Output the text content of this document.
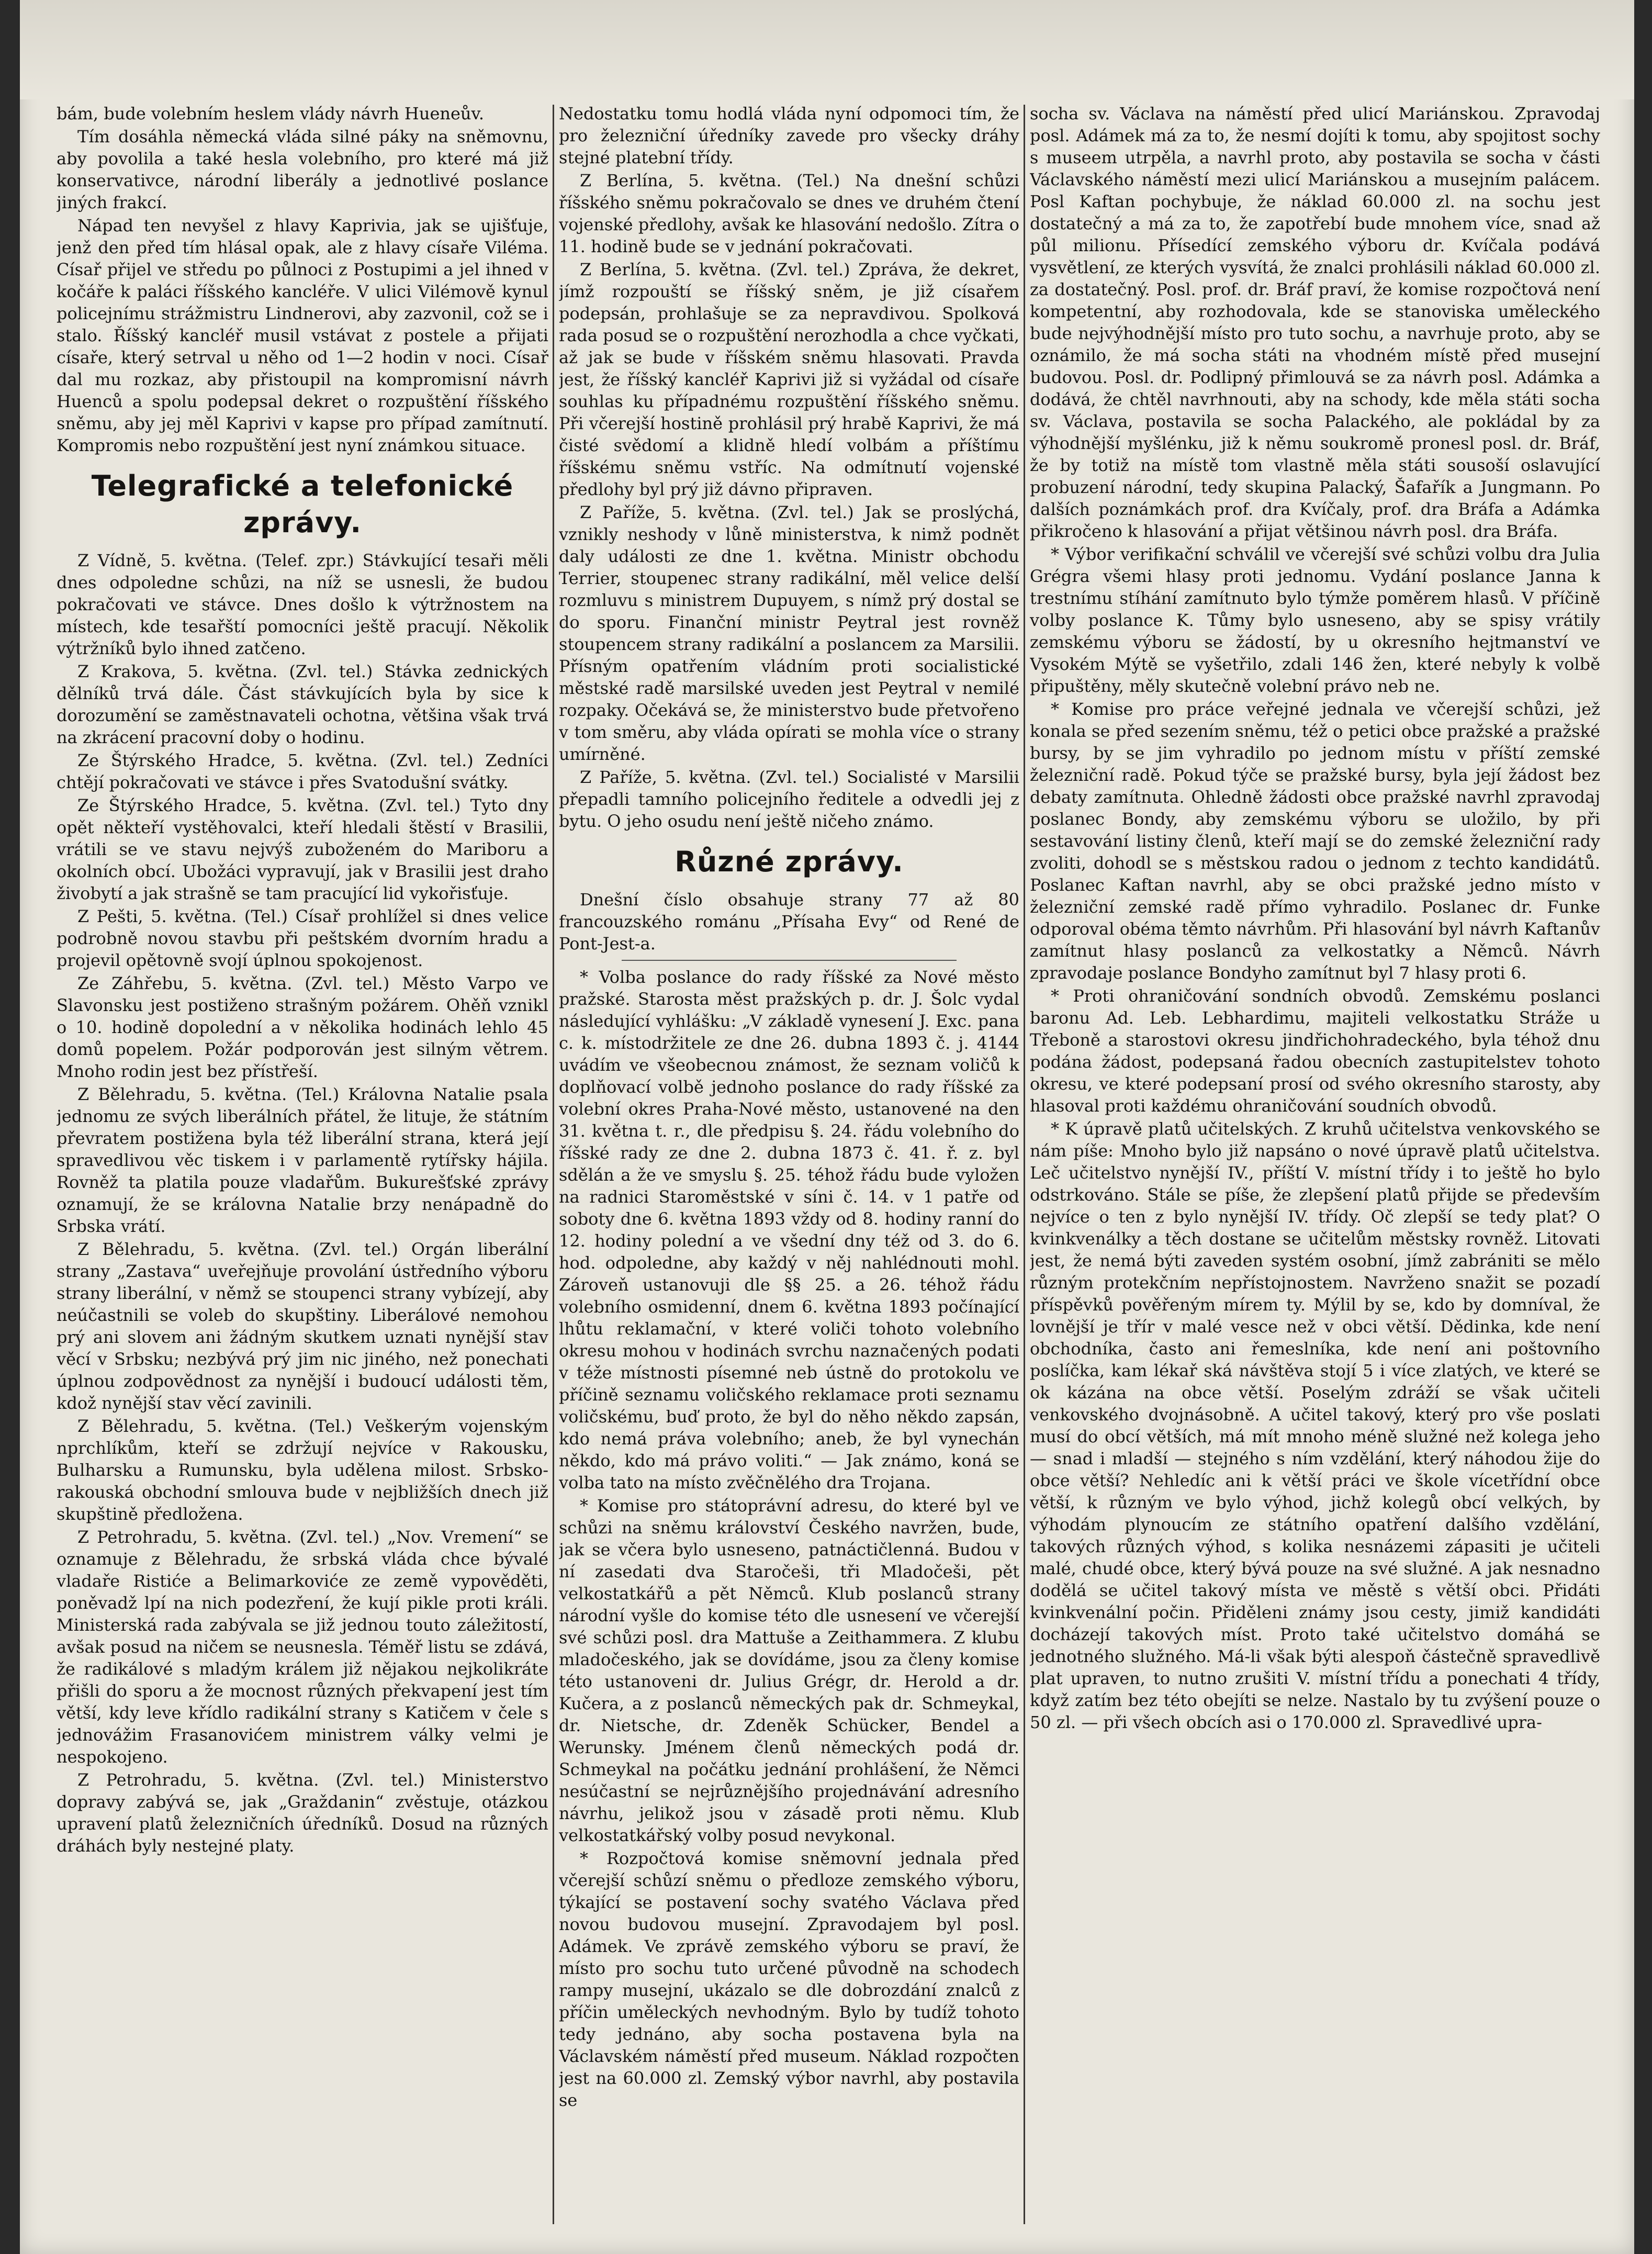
bám, bude volebním heslem vlády návrh Hueneův.

Tím dosáhla německá vláda silné páky na sněmovnu, aby povolila a také hesla volebního, pro které má již konservativce, národní liberály a jednotlivé poslance jiných frakcí.

Nápad ten nevyšel z hlavy Kaprivia, jak se ujišťuje, jenž den před tím hlásal opak, ale z hlavy císaře Viléma. Císař přijel ve středu po půlnoci z Postupimi a jel ihned v kočáře k paláci říšského kancléře. V ulici Vilémově kynul policejnímu strážmistru Lindnerovi, aby zazvonil, což se i stalo. Říšský kancléř musil vstávat z postele a přijati císaře, který setrval u něho od 1—2 hodin v noci. Císař dal mu rozkaz, aby přistoupil na kompromisní návrh Huenců a spolu podepsal dekret o rozpuštění říšského sněmu, aby jej měl Kaprivi v kapse pro případ zamítnutí. Kompromis nebo rozpuštění jest nyní známkou situace.

Telegrafické a telefonické zprávy.

Z Vídně, 5. května. (Telef. zpr.) Stávkující tesaři měli dnes odpoledne schůzi, na níž se usnesli, že budou pokračovati ve stávce. Dnes došlo k výtržnostem na místech, kde tesařští pomocníci ještě pracují. Několik výtržníků bylo ihned zatčeno.

Z Krakova, 5. května. (Zvl. tel.) Stávka zednických dělníků trvá dále. Část stávkujících byla by sice k dorozumění se zaměstnavateli ochotna, většina však trvá na zkrácení pracovní doby o hodinu.

Ze Štýrského Hradce, 5. května. (Zvl. tel.) Zedníci chtějí pokračovati ve stávce i přes Svatodušní svátky.

Ze Štýrského Hradce, 5. května. (Zvl. tel.) Tyto dny opět někteří vystěhovalci, kteří hledali štěstí v Brasilii, vrátili se ve stavu nejvýš zuboženém do Mariboru a okolních obcí. Ubožáci vypravují, jak v Brasilii jest draho živobytí a jak strašně se tam pracující lid vykořisťuje.

Z Pešti, 5. května. (Tel.) Císař prohlížel si dnes velice podrobně novou stavbu při peštském dvorním hradu a projevil opětovně svojí úplnou spokojenost.

Ze Záhřebu, 5. května. (Zvl. tel.) Město Varpo ve Slavonsku jest postiženo strašným požárem. Ohěň vznikl o 10. hodině dopolední a v několika hodinách lehlo 45 domů popelem. Požár podporován jest silným větrem. Mnoho rodin jest bez přístřeší.

Z Bělehradu, 5. května. (Tel.) Královna Natalie psala jednomu ze svých liberálních přátel, že lituje, že státním převratem postižena byla též liberální strana, která její spravedlivou věc tiskem i v parlamentě rytířsky hájila. Rovněž ta platila pouze vladařům. Bukurešťské zprávy oznamují, že se královna Natalie brzy nenápadně do Srbska vrátí.

Z Bělehradu, 5. května. (Zvl. tel.) Orgán liberální strany „Zastava“ uveřejňuje provolání ústředního výboru strany liberální, v němž se stoupenci strany vybízejí, aby neúčastnili se voleb do skupštiny. Liberálové nemohou prý ani slovem ani žádným skutkem uznati nynější stav věcí v Srbsku; nezbývá prý jim nic jiného, než ponechati úplnou zodpovědnost za nynější i budoucí události těm, kdož nynější stav věcí zavinili.

Z Bělehradu, 5. května. (Tel.) Veškerým vojenským nprchlíkům, kteří se zdržují nejvíce v Rakousku, Bulharsku a Rumunsku, byla udělena milost. Srbsko-rakouská obchodní smlouva bude v nejbližších dnech již skupštině předložena.

Z Petrohradu, 5. května. (Zvl. tel.) „Nov. Vremení“ se oznamuje z Bělehradu, že srbská vláda chce bývalé vladaře Ristiće a Belimarkoviće ze země vypověděti, poněvadž lpí na nich podezření, že kují pikle proti králi. Ministerská rada zabývala se již jednou touto záležitostí, avšak posud na ničem se neusnesla. Téměř listu se zdává, že radikálové s mladým králem již nějakou nejkolikráte přišli do sporu a že mocnost různých překvapení jest tím větší, kdy leve křídlo radikální strany s Katičem v čele s jednovážim Frasanovićem ministrem války velmi je nespokojeno.

Z Petrohradu, 5. května. (Zvl. tel.) Ministerstvo dopravy zabývá se, jak „Graždanin“ zvěstuje, otázkou upravení platů železničních úředníků. Dosud na různých dráhách byly nestejné platy.

Nedostatku tomu hodlá vláda nyní odpomoci tím, že pro železniční úředníky zavede pro všecky dráhy stejné platební třídy.

Z Berlína, 5. května. (Tel.) Na dnešní schůzi říšského sněmu pokračovalo se dnes ve druhém čtení vojenské předlohy, avšak ke hlasování nedošlo. Zítra o 11. hodině bude se v jednání pokračovati.

Z Berlína, 5. května. (Zvl. tel.) Zpráva, že dekret, jímž rozpouští se říšský sněm, je již císařem podepsán, prohlašuje se za nepravdivou. Spolková rada posud se o rozpuštění nerozhodla a chce vyčkati, až jak se bude v říšském sněmu hlasovati. Pravda jest, že říšský kancléř Kaprivi již si vyžádal od císaře souhlas ku případnému rozpuštění říšského sněmu. Při včerejší hostině prohlásil prý hrabě Kaprivi, že má čisté svědomí a klidně hledí volbám a příštímu říšskému sněmu vstříc. Na odmítnutí vojenské předlohy byl prý již dávno připraven.

Z Paříže, 5. května. (Zvl. tel.) Jak se proslýchá, vznikly neshody v lůně ministerstva, k nimž podnět daly události ze dne 1. května. Ministr obchodu Terrier, stoupenec strany radikální, měl velice delší rozmluvu s ministrem Dupuyem, s nímž prý dostal se do sporu. Finanční ministr Peytral jest rovněž stoupencem strany radikální a poslancem za Marsilii. Přísným opatřením vládním proti socialistické městské radě marsilské uveden jest Peytral v nemilé rozpaky. Očekává se, že ministerstvo bude přetvořeno v tom směru, aby vláda opírati se mohla více o strany umírněné.

Z Paříže, 5. května. (Zvl. tel.) Socialisté v Marsilii přepadli tamního policejního ředitele a odvedli jej z bytu. O jeho osudu není ještě ničeho známo.

Různé zprávy.

Dnešní číslo obsahuje strany 77 až 80 francouzského románu „Přísaha Evy“ od René de Pont-Jest-a.

* Volba poslance do rady říšské za Nové město pražské. Starosta měst pražských p. dr. J. Šolc vydal následující vyhlášku: „V základě vynesení J. Exc. pana c. k. místodržitele ze dne 26. dubna 1893 č. j. 4144 uvádím ve všeobecnou známost, že seznam voličů k doplňovací volbě jednoho poslance do rady říšské za volební okres Praha-Nové město, ustanovené na den 31. května t. r., dle předpisu §. 24. řádu volebního do říšské rady ze dne 2. dubna 1873 č. 41. ř. z. byl sdělán a že ve smyslu §. 25. téhož řádu bude vyložen na radnici Staroměstské v síni č. 14. v 1 patře od soboty dne 6. května 1893 vždy od 8. hodiny ranní do 12. hodiny polední a ve všední dny též od 3. do 6. hod. odpoledne, aby každý v něj nahlédnouti mohl. Zároveň ustanovuji dle §§ 25. a 26. téhož řádu volebního osmidenní, dnem 6. května 1893 počínající lhůtu reklamační, v které voliči tohoto volebního okresu mohou v hodinách svrchu naznačených podati v téže místnosti písemné neb ústně do protokolu ve příčině seznamu voličského reklamace proti seznamu voličskému, buď proto, že byl do něho někdo zapsán, kdo nemá práva volebního; aneb, že byl vynechán někdo, kdo má právo voliti.“ — Jak známo, koná se volba tato na místo zvěčnělého dra Trojana.

* Komise pro státoprávní adresu, do které byl ve schůzi na sněmu království Českého navržen, bude, jak se včera bylo usneseno, patnáctičlenná. Budou v ní zasedati dva Staročeši, tři Mladočeši, pět velkostatkářů a pět Němců. Klub poslanců strany národní vyšle do komise této dle usnesení ve včerejší své schůzi posl. dra Mattuše a Zeithammera. Z klubu mladočeského, jak se dovídáme, jsou za členy komise této ustanoveni dr. Julius Grégr, dr. Herold a dr. Kučera, a z poslanců německých pak dr. Schmeykal, dr. Nietsche, dr. Zdeněk Schücker, Bendel a Werunsky. Jménem členů německých podá dr. Schmeykal na počátku jednání prohlášení, že Němci nesúčastní se nejrůznějšího projednávání adresního návrhu, jelikož jsou v zásadě proti němu. Klub velkostatkářský volby posud nevykonal.

* Rozpočtová komise sněmovní jednala před včerejší schůzí sněmu o předloze zemského výboru, týkající se postavení sochy svatého Václava před novou budovou musejní. Zpravodajem byl posl. Adámek. Ve zprávě zemského výboru se praví, že místo pro sochu tuto určené původně na schodech rampy musejní, ukázalo se dle dobrozdání znalců z příčin uměleckých nevhodným. Bylo by tudíž tohoto tedy jednáno, aby socha postavena byla na Václavském náměstí před museum. Náklad rozpočten jest na 60.000 zl. Zemský výbor navrhl, aby postavila se

socha sv. Václava na náměstí před ulicí Mariánskou. Zpravodaj posl. Adámek má za to, že nesmí dojíti k tomu, aby spojitost sochy s museem utrpěla, a navrhl proto, aby postavila se socha v části Václavského náměstí mezi ulicí Mariánskou a musejním palácem. Posl Kaftan pochybuje, že náklad 60.000 zl. na sochu jest dostatečný a má za to, že zapotřebí bude mnohem více, snad až půl milionu. Přísedící zemského výboru dr. Kvíčala podává vysvětlení, ze kterých vysvítá, že znalci prohlásili náklad 60.000 zl. za dostatečný. Posl. prof. dr. Bráf praví, že komise rozpočtová není kompetentní, aby rozhodovala, kde se stanoviska uměleckého bude nejvýhodnější místo pro tuto sochu, a navrhuje proto, aby se oznámilo, že má socha státi na vhodném místě před musejní budovou. Posl. dr. Podlipný přimlouvá se za návrh posl. Adámka a dodává, že chtěl navrhnouti, aby na schody, kde měla státi socha sv. Václava, postavila se socha Palackého, ale pokládal by za výhodnější myšlénku, již k němu soukromě pronesl posl. dr. Bráf, že by totiž na místě tom vlastně měla státi sousoší oslavující probuzení národní, tedy skupina Palacký, Šafařík a Jungmann. Po dalších poznámkách prof. dra Kvíčaly, prof. dra Bráfa a Adámka přikročeno k hlasování a přijat většinou návrh posl. dra Bráfa.

* Výbor verifikační schválil ve včerejší své schůzi volbu dra Julia Grégra všemi hlasy proti jednomu. Vydání poslance Janna k trestnímu stíhání zamítnuto bylo týmže poměrem hlasů. V příčině volby poslance K. Tůmy bylo usneseno, aby se spisy vrátily zemskému výboru se žádostí, by u okresního hejtmanství ve Vysokém Mýtě se vyšetřilo, zdali 146 žen, které nebyly k volbě připuštěny, měly skutečně volební právo neb ne.

* Komise pro práce veřejné jednala ve včerejší schůzi, jež konala se před sezením sněmu, též o petici obce pražské a pražské bursy, by se jim vyhradilo po jednom místu v příští zemské železniční radě. Pokud týče se pražské bursy, byla její žádost bez debaty zamítnuta. Ohledně žádosti obce pražské navrhl zpravodaj poslanec Bondy, aby zemskému výboru se uložilo, by při sestavování listiny členů, kteří mají se do zemské železniční rady zvoliti, dohodl se s městskou radou o jednom z techto kandidátů. Poslanec Kaftan navrhl, aby se obci pražské jedno místo v železniční zemské radě přímo vyhradilo. Poslanec dr. Funke odporoval obéma těmto návrhům. Při hlasování byl návrh Kaftanův zamítnut hlasy poslanců za velkostatky a Němců. Návrh zpravodaje poslance Bondyho zamítnut byl 7 hlasy proti 6.

* Proti ohraničování sondních obvodů. Zemskému poslanci baronu Ad. Leb. Lebhardimu, majiteli velkostatku Stráže u Třeboně a starostovi okresu jindřichohradeckého, byla téhož dnu podána žádost, podepsaná řadou obecních zastupitelstev tohoto okresu, ve které podepsaní prosí od svého okresního starosty, aby hlasoval proti každému ohraničování soudních obvodů.

* K úpravě platů učitelských. Z kruhů učitelstva venkovského se nám píše: Mnoho bylo již napsáno o nové úpravě platů učitelstva. Leč učitelstvo nynější IV., příští V. místní třídy i to ještě ho bylo odstrkováno. Stále se píše, že zlepšení platů přijde se především nejvíce o ten z bylo nynější IV. třídy. Oč zlepší se tedy plat? O kvinkvenálky a těch dostane se učitelům městsky rovněž. Litovati jest, že nemá býti zaveden systém osobní, jímž zabrániti se mělo různým protekčním nepřístojnostem. Navrženo snažit se pozadí příspěvků pověřeným mírem ty. Mýlil by se, kdo by domníval, že lovnější je třír v malé vesce než v obci větší. Dědinka, kde není obchodníka, často ani řemeslníka, kde není ani poštovního poslíčka, kam lékař ská návštěva stojí 5 i více zlatých, ve které se ok kázána na obce větší. Poselým zdráží se však učiteli venkovského dvojnásobně. A učitel takový, který pro vše poslati musí do obcí větších, má mít mnoho méně služné než kolega jeho — snad i mladší — stejného s ním vzdělání, který náhodou žije do obce větší? Nehledíc ani k větší práci ve škole vícetřídní obce větší, k různým ve bylo výhod, jichž kolegů obcí velkých, by výhodám plynoucím ze státního opatření dalšího vzdělání, takových různých výhod, s kolika nesnázemi zápasiti je učiteli malé, chudé obce, který bývá pouze na své služné. A jak nesnadno dodělá se učitel takový místa ve městě s větší obci. Přidáti kvinkvenální počin. Přiděleni známy jsou cesty, jimiž kandidáti docházejí takových míst. Proto také učitelstvo domáhá se jednotného služného. Má-li však býti alespoň částečně spravedlivě plat upraven, to nutno zrušiti V. místní třídu a ponechati 4 třídy, když zatím bez této obejíti se nelze. Nastalo by tu zvýšení pouze o 50 zl. — při všech obcích asi o 170.000 zl. Spravedlivé upra-
